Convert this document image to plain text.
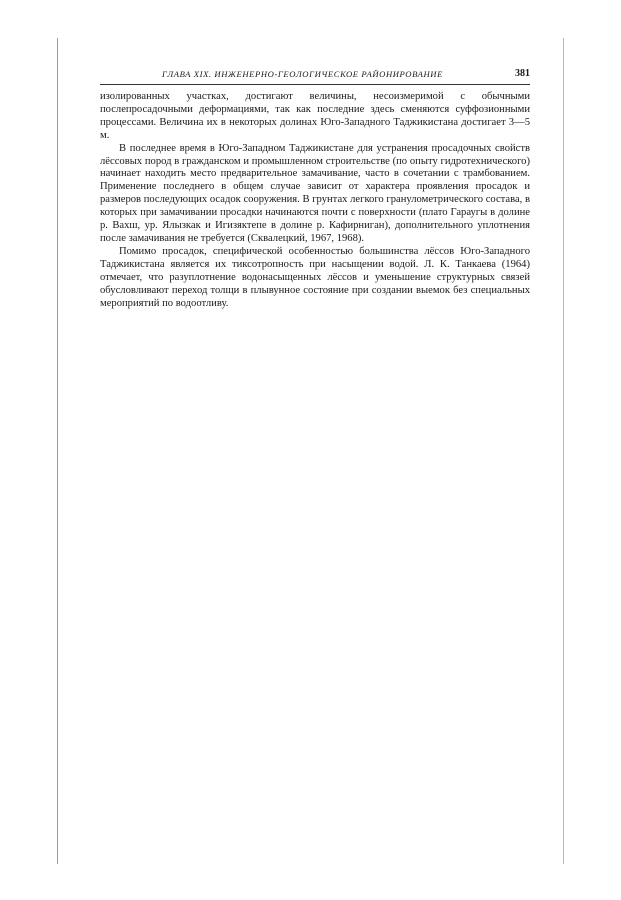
ГЛАВА XIX. ИНЖЕНЕРНО-ГЕОЛОГИЧЕСКОЕ РАЙОНИРОВАНИЕ	381

изолированных участках, достигают величины, несоизмеримой с обычными послепросадочными деформациями, так как последние здесь сменяются суффозионными процессами. Величина их в некоторых долинах Юго-Западного Таджикистана достигает 3—5 м.

В последнее время в Юго-Западном Таджикистане для устранения просадочных свойств лёссовых пород в гражданском и промышленном строительстве (по опыту гидротехнического) начинает находить место предварительное замачивание, часто в сочетании с трамбованием. Применение последнего в общем случае зависит от характера проявления просадок и размеров последующих осадок сооружения. В грунтах легкого гранулометрического состава, в которых при замачивании просадки начинаются почти с поверхности (плато Гараугы в долине р. Вахш, ур. Ялызкак и Игизяктепе в долине р. Кафирниган), дополнительного уплотнения после замачивания не требуется (Сквалецкий, 1967, 1968).

Помимо просадок, специфической особенностью большинства лёссов Юго-Западного Таджикистана является их тиксотропность при насыщении водой. Л. К. Танкаева (1964) отмечает, что разуплотнение водонасыщенных лёссов и уменьшение структурных связей обусловливают переход толщи в плывунное состояние при создании выемок без специальных мероприятий по водоотливу.
